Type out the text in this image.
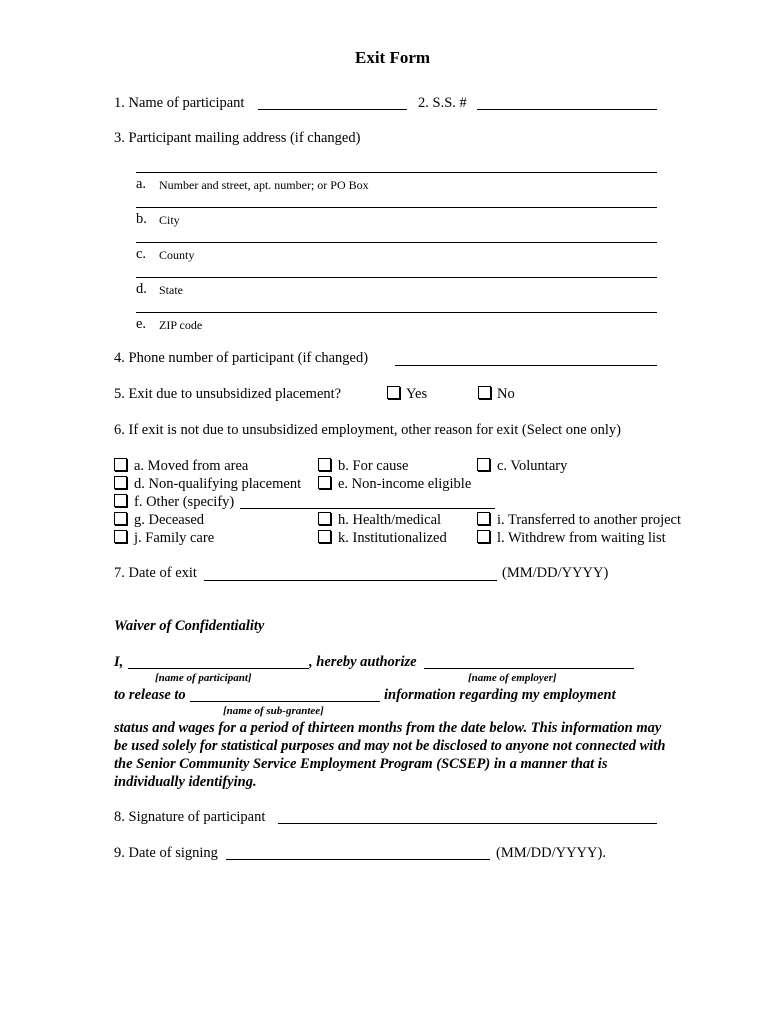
Exit Form
1. Name of participant	2. S.S. #
3. Participant mailing address (if changed)
a. Number and street, apt. number; or PO Box
b. City
c. County
d. State
e. ZIP code
4. Phone number of participant (if changed)
5. Exit due to unsubsidized placement?	Yes	No
6. If exit is not due to unsubsidized employment, other reason for exit (Select one only)
a. Moved from area	b. For cause	c. Voluntary
d. Non-qualifying placement	e. Non-income eligible
f. Other (specify)
g. Deceased	h. Health/medical	i. Transferred to another project
j. Family care	k. Institutionalized	l. Withdrew from waiting list
7. Date of exit	(MM/DD/YYYY)
Waiver of Confidentiality
I,	, hereby authorize
[name of participant]	[name of employer]
to release to	information regarding my employment
[name of sub-grantee]
status and wages for a period of thirteen months from the date below. This information may be used solely for statistical purposes and may not be disclosed to anyone not connected with the Senior Community Service Employment Program (SCSEP) in a manner that is individually identifying.
8. Signature of participant
9. Date of signing	(MM/DD/YYYY).
